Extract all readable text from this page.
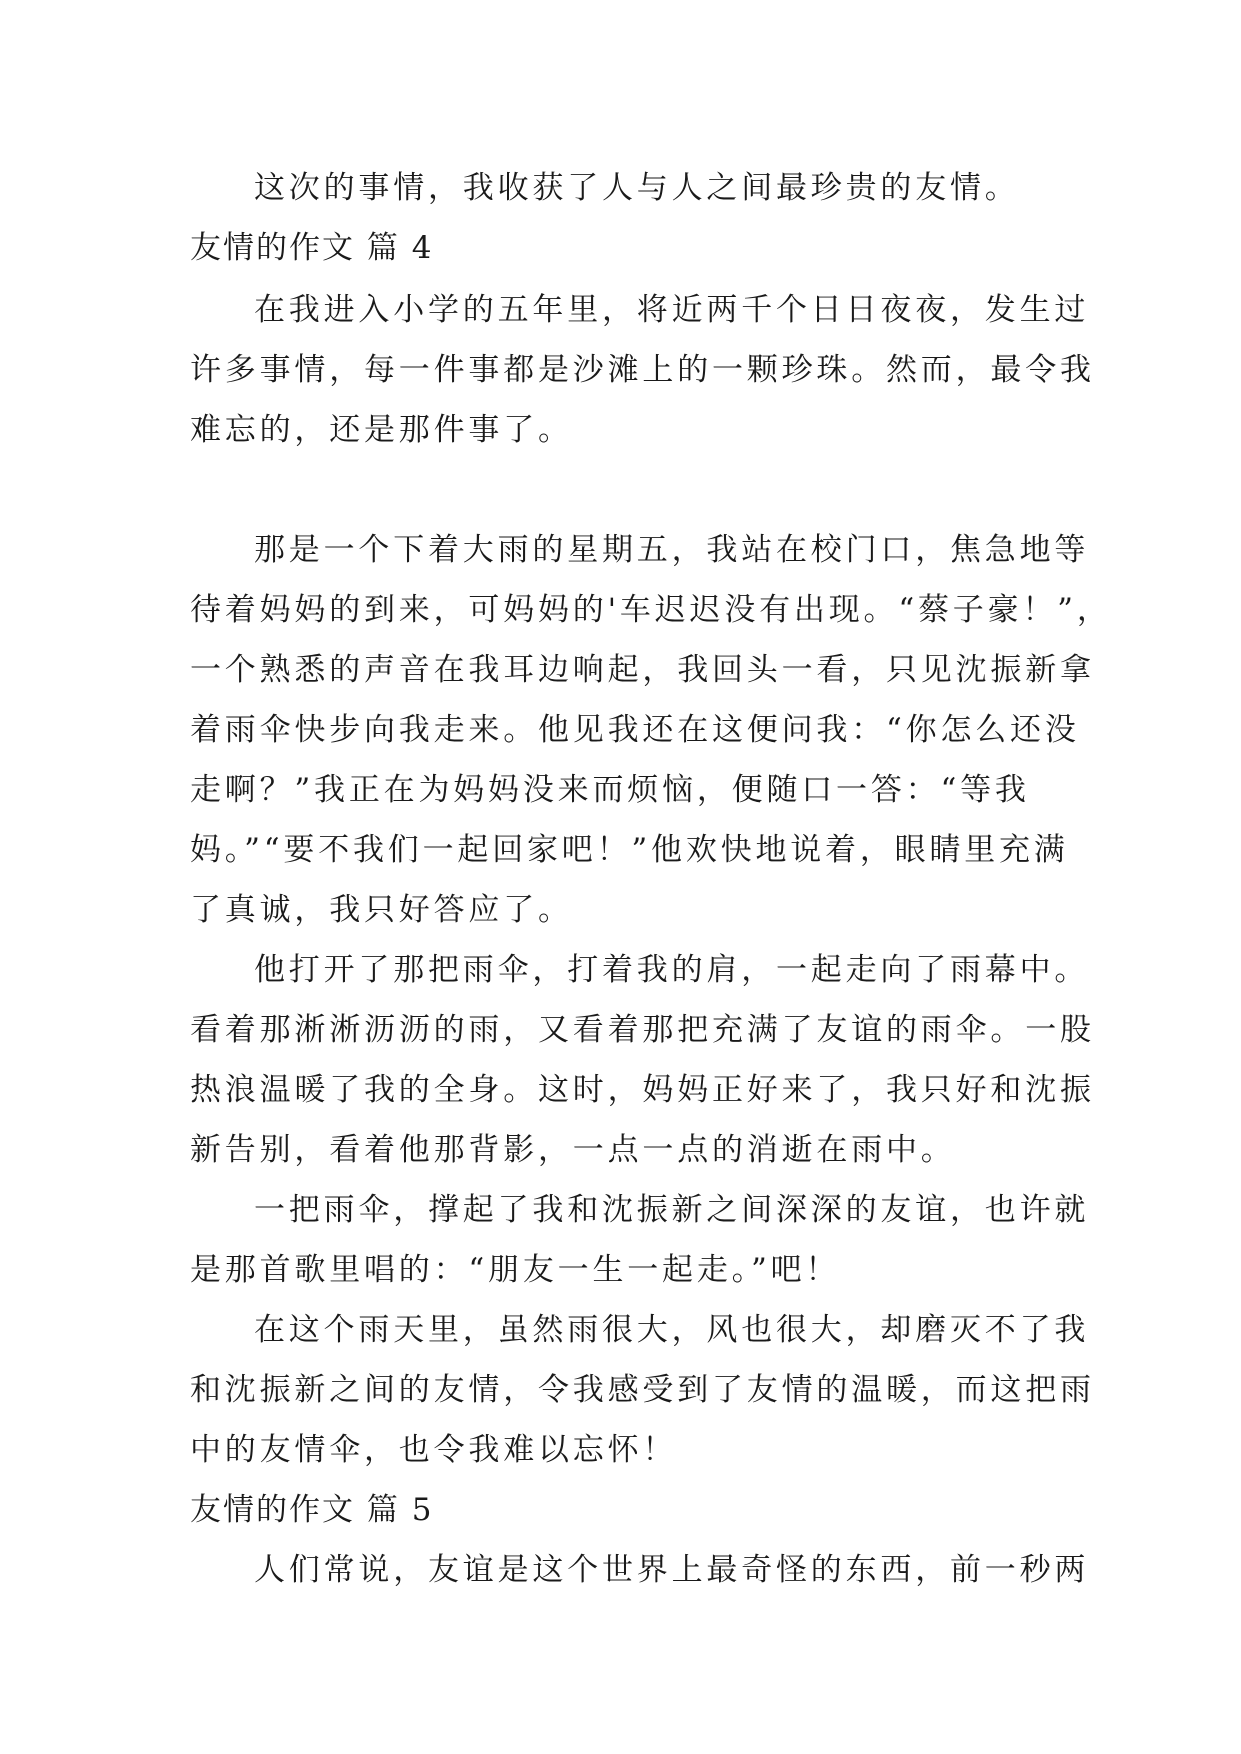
这次的事情，我收获了人与人之间最珍贵的友情。
友情的作文 篇 4
在我进入小学的五年里，将近两千个日日夜夜，发生过
许多事情，每一件事都是沙滩上的一颗珍珠。然而，最令我
难忘的，还是那件事了。
那是一个下着大雨的星期五，我站在校门口，焦急地等
待着妈妈的到来，可妈妈的'车迟迟没有出现。“蔡子豪！”，
一个熟悉的声音在我耳边响起，我回头一看，只见沈振新拿
着雨伞快步向我走来。他见我还在这便问我：“你怎么还没
走啊？”我正在为妈妈没来而烦恼，便随口一答：“等我
妈。”“要不我们一起回家吧！”他欢快地说着，眼睛里充满
了真诚，我只好答应了。
他打开了那把雨伞，打着我的肩，一起走向了雨幕中。
看着那淅淅沥沥的雨，又看着那把充满了友谊的雨伞。一股
热浪温暖了我的全身。这时，妈妈正好来了，我只好和沈振
新告别，看着他那背影，一点一点的消逝在雨中。
一把雨伞，撑起了我和沈振新之间深深的友谊，也许就
是那首歌里唱的：“朋友一生一起走。”吧！
在这个雨天里，虽然雨很大，风也很大，却磨灭不了我
和沈振新之间的友情，令我感受到了友情的温暖，而这把雨
中的友情伞，也令我难以忘怀！
友情的作文 篇 5
人们常说，友谊是这个世界上最奇怪的东西，前一秒两
